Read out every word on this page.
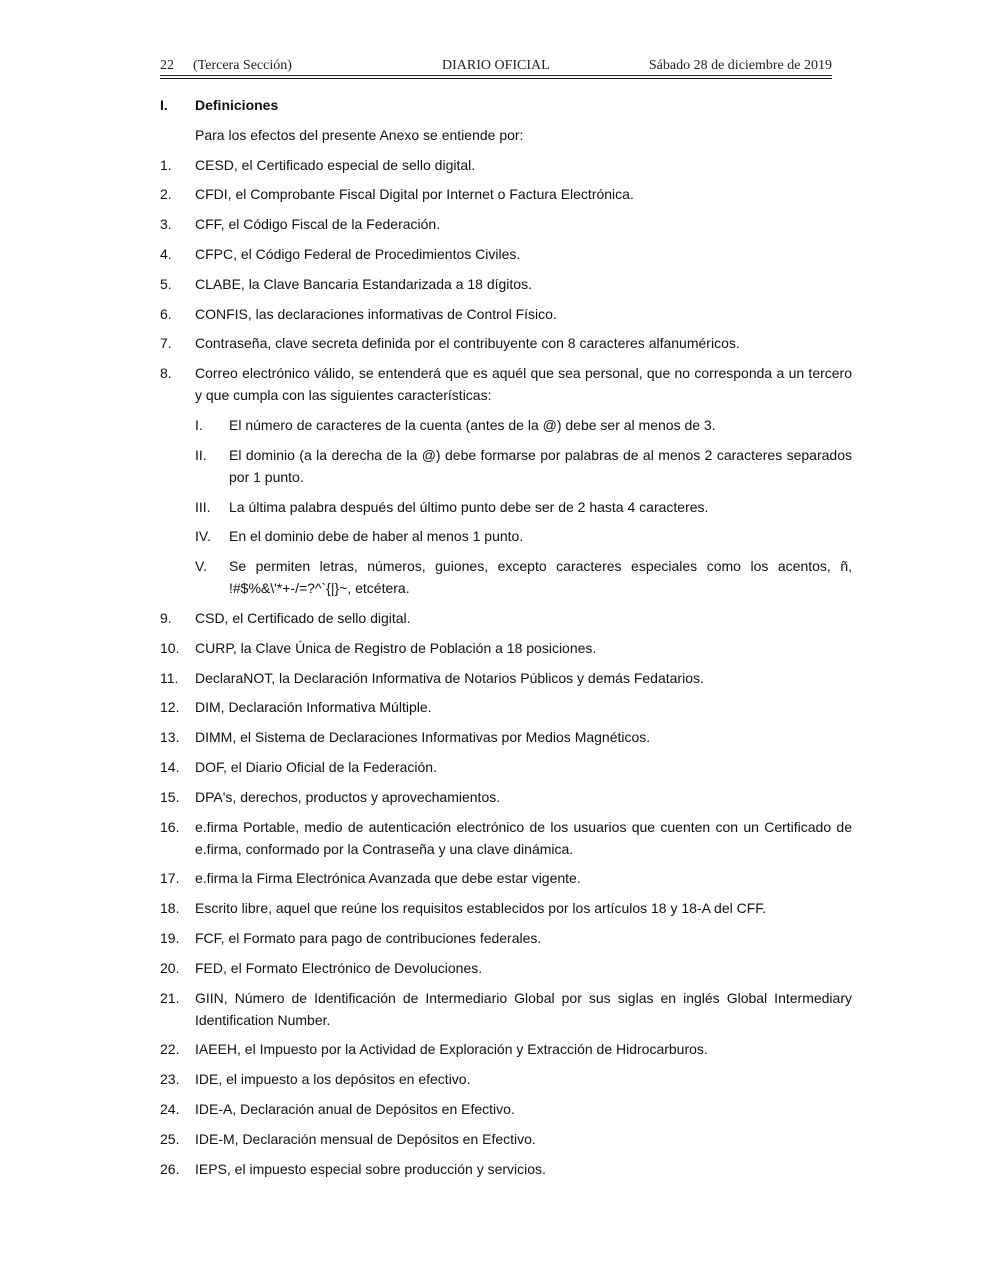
22 (Tercera Sección)	DIARIO OFICIAL	Sábado 28 de diciembre de 2019
I.	Definiciones
Para los efectos del presente Anexo se entiende por:
1.	CESD, el Certificado especial de sello digital.
2.	CFDI, el Comprobante Fiscal Digital por Internet o Factura Electrónica.
3.	CFF, el Código Fiscal de la Federación.
4.	CFPC, el Código Federal de Procedimientos Civiles.
5.	CLABE, la Clave Bancaria Estandarizada a 18 dígitos.
6.	CONFIS, las declaraciones informativas de Control Físico.
7.	Contraseña, clave secreta definida por el contribuyente con 8 caracteres alfanuméricos.
8.	Correo electrónico válido, se entenderá que es aquél que sea personal, que no corresponda a un tercero y que cumpla con las siguientes características:
I.	El número de caracteres de la cuenta (antes de la @) debe ser al menos de 3.
II.	El dominio (a la derecha de la @) debe formarse por palabras de al menos 2 caracteres separados por 1 punto.
III.	La última palabra después del último punto debe ser de 2 hasta 4 caracteres.
IV.	En el dominio debe de haber al menos 1 punto.
V.	Se permiten letras, números, guiones, excepto caracteres especiales como los acentos, ñ, !#$%&\'*+-/=?^`{|}~, etcétera.
9.	CSD, el Certificado de sello digital.
10.	CURP, la Clave Única de Registro de Población a 18 posiciones.
11.	DeclaraNOT, la Declaración Informativa de Notarios Públicos y demás Fedatarios.
12.	DIM, Declaración Informativa Múltiple.
13.	DIMM, el Sistema de Declaraciones Informativas por Medios Magnéticos.
14.	DOF, el Diario Oficial de la Federación.
15.	DPA's, derechos, productos y aprovechamientos.
16.	e.firma Portable, medio de autenticación electrónico de los usuarios que cuenten con un Certificado de e.firma, conformado por la Contraseña y una clave dinámica.
17.	e.firma la Firma Electrónica Avanzada que debe estar vigente.
18.	Escrito libre, aquel que reúne los requisitos establecidos por los artículos 18 y 18-A del CFF.
19.	FCF, el Formato para pago de contribuciones federales.
20.	FED, el Formato Electrónico de Devoluciones.
21.	GIIN, Número de Identificación de Intermediario Global por sus siglas en inglés Global Intermediary Identification Number.
22.	IAEEH, el Impuesto por la Actividad de Exploración y Extracción de Hidrocarburos.
23.	IDE, el impuesto a los depósitos en efectivo.
24.	IDE-A, Declaración anual de Depósitos en Efectivo.
25.	IDE-M, Declaración mensual de Depósitos en Efectivo.
26.	IEPS, el impuesto especial sobre producción y servicios.
